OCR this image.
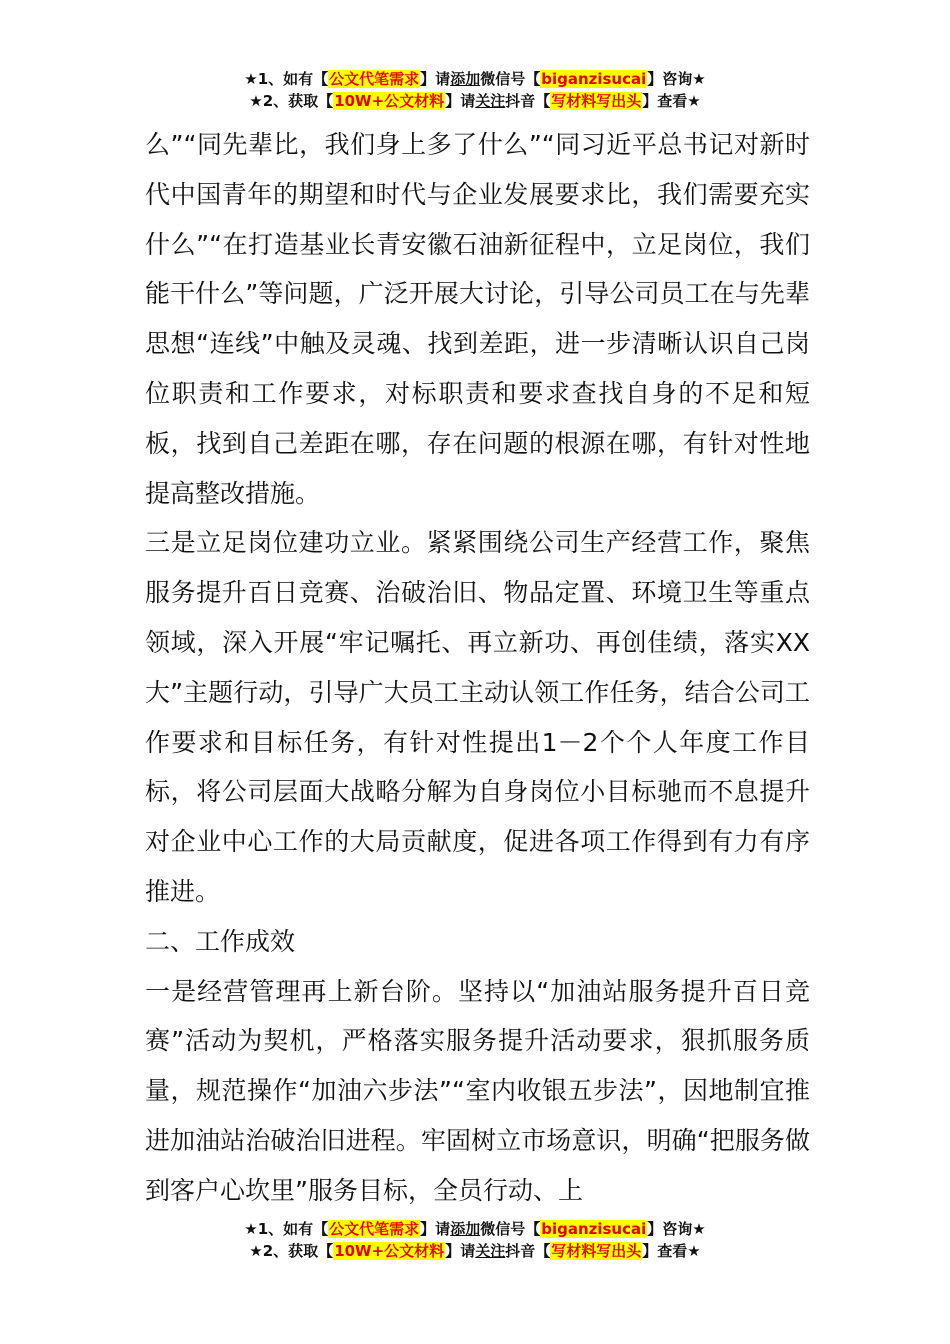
★1、如有【公文代笔需求】请添加微信号【biganzisucai】咨询★
★2、获取【10W+公文材料】请关注抖音【写材料写出头】查看★

么”“同先辈比，我们身上多了什么”“同习近平总书记对新时代中国青年的期望和时代与企业发展要求比，我们需要充实什么”“在打造基业长青安徽石油新征程中，立足岗位，我们能干什么”等问题，广泛开展大讨论，引导公司员工在与先辈思想“连线”中触及灵魂、找到差距，进一步清晰认识自己岗位职责和工作要求，对标职责和要求查找自身的不足和短板，找到自己差距在哪，存在问题的根源在哪，有针对性地提高整改措施。

三是立足岗位建功立业。紧紧围绕公司生产经营工作，聚焦服务提升百日竞赛、治破治旧、物品定置、环境卫生等重点领域，深入开展“牢记嘱托、再立新功、再创佳绩，落实XX大”主题行动，引导广大员工主动认领工作任务，结合公司工作要求和目标任务，有针对性提出1－2个个人年度工作目标，将公司层面大战略分解为自身岗位小目标驰而不息提升对企业中心工作的大局贡献度，促进各项工作得到有力有序推进。

二、工作成效

一是经营管理再上新台阶。坚持以“加油站服务提升百日竞赛”活动为契机，严格落实服务提升活动要求，狠抓服务质量，规范操作“加油六步法”“室内收银五步法”，因地制宜推进加油站治破治旧进程。牢固树立市场意识，明确“把服务做到客户心坎里”服务目标，全员行动、上

★1、如有【公文代笔需求】请添加微信号【biganzisucai】咨询★
★2、获取【10W+公文材料】请关注抖音【写材料写出头】查看★
